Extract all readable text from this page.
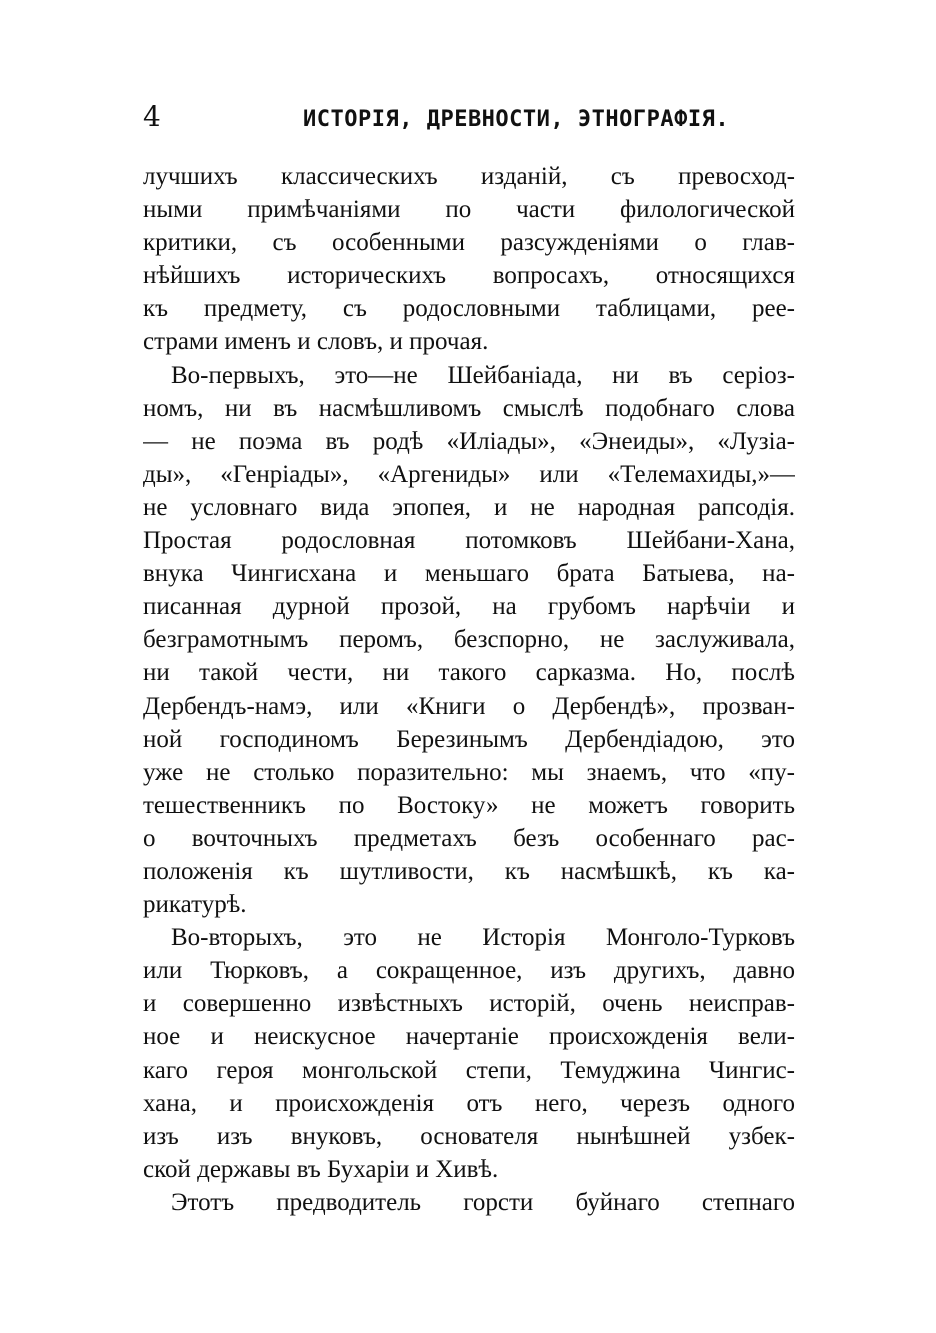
4	ИСТОРІЯ, ДРЕВНОСТИ, ЭТНОГРАФІЯ.
лучшихъ классическихъ изданій, съ превосход-
ными примѣчаніями по части филологической
критики, съ особенными разсужденіями о глав-
нѣйшихъ историческихъ вопросахъ, относящихся
къ предмету, съ родословными таблицами, рее-
страми именъ и словъ, и прочая.
Во-первыхъ, это—не Шейбаніада, ни въ серіоз-
номъ, ни въ насмѣшливомъ смыслѣ подобнаго слова
— не поэма въ родѣ «Иліады», «Энеиды», «Лузіа-
ды», «Генріады», «Аргениды» или «Телемахиды,»—
не условнаго вида эпопея, и не народная рапсодія.
Простая родословная потомковъ Шейбани-Хана,
внука Чингисхана и меньшаго брата Батыева, на-
писанная дурной прозой, на грубомъ нарѣчіи и
безграмотнымъ перомъ, безспорно, не заслуживала,
ни такой чести, ни такого сарказма. Но, послѣ
Дербендъ-намэ, или «Книги о Дербендѣ», прозван-
ной господиномъ Березинымъ Дербендіадою, это
уже не столько поразительно: мы знаемъ, что «пу-
тешественникъ по Востоку» не можетъ говорить
о вочточныхъ предметахъ безъ особеннаго рас-
положенія къ шутливости, къ насмѣшкѣ, къ ка-
рикатурѣ.
Во-вторыхъ, это не Исторія Монголо-Турковъ
или Тюрковъ, а сокращенное, изъ другихъ, давно
и совершенно извѣстныхъ исторій, очень неисправ-
ное и неискусное начертаніе происхожденія вели-
каго героя монгольской степи, Темуджина Чингис-
хана, и происхожденія отъ него, черезъ одного
изъ изъ внуковъ, основателя нынѣшней узбек-
ской державы въ Бухаріи и Хивѣ.
Этотъ предводитель горсти буйнаго степнаго
